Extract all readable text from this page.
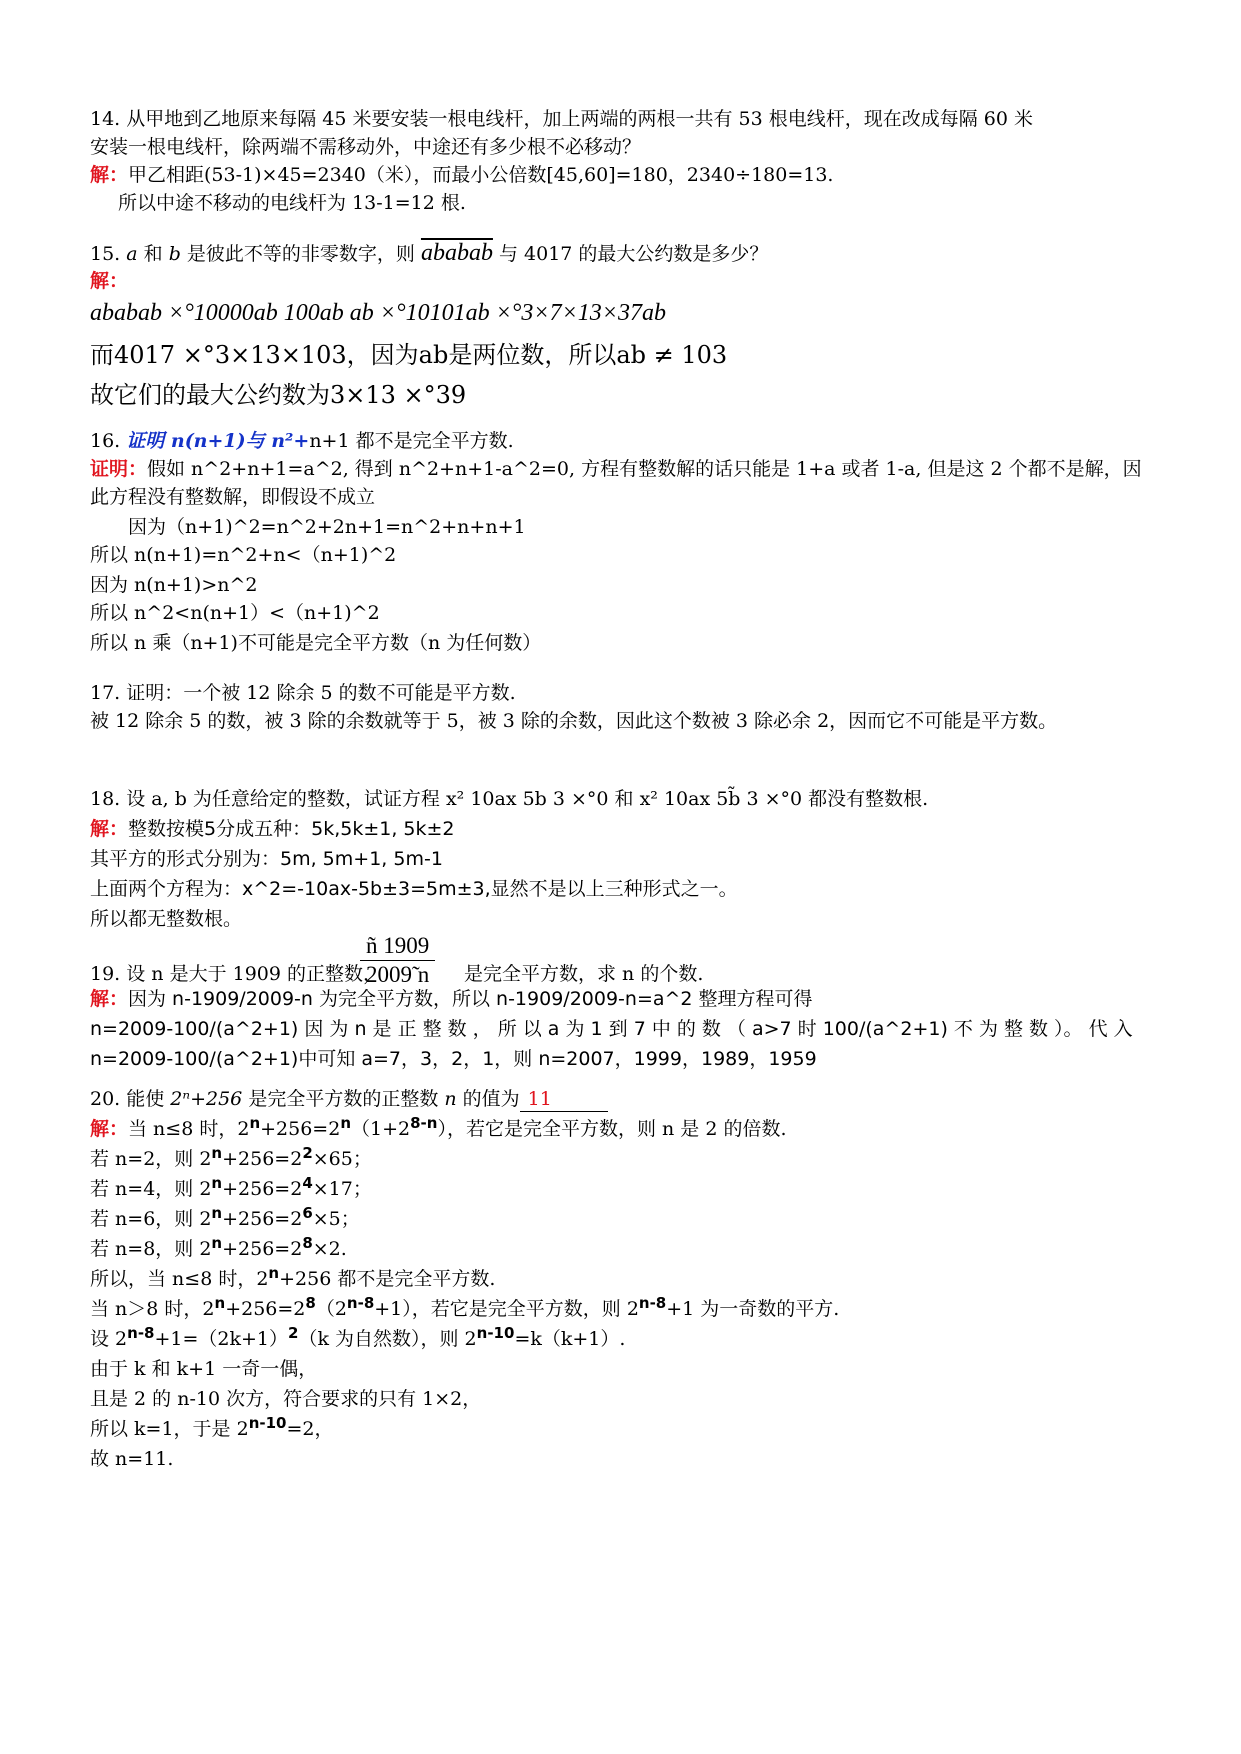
14. 从甲地到乙地原来每隔 45 米要安装一根电线杆，加上两端的两根一共有 53 根电线杆，现在改成每隔 60 米
安装一根电线杆，除两端不需移动外，中途还有多少根不必移动？
解：甲乙相距(53-1)×45=2340（米），而最小公倍数[45,60]=180，2340÷180=13.
所以中途不移动的电线杆为 13-1=12 根.
15. a 和 b 是彼此不等的非零数字，则 ababab 与 4017 的最大公约数是多少？
解：
ababab ×°10000ab 100ab ab ×°10101ab ×°3×7×13×37ab
而4017 ×°3×13×103，因为ab是两位数，所以ab ≠ 103
故它们的最大公约数为3×13 ×°39
16. 证明 n(n+1)与 n²+n+1 都不是完全平方数.
证明：假如 n^2+n+1=a^2, 得到 n^2+n+1-a^2=0, 方程有整数解的话只能是 1+a 或者 1-a, 但是这 2 个都不是解，因
此方程没有整数解，即假设不成立
因为（n+1)^2=n^2+2n+1=n^2+n+n+1
所以 n(n+1)=n^2+n<（n+1)^2
因为 n(n+1)>n^2
所以 n^2<n(n+1）<（n+1)^2
所以 n 乘（n+1)不可能是完全平方数（n 为任何数）
17. 证明：一个被 12 除余 5 的数不可能是平方数.
被 12 除余 5 的数，被 3 除的余数就等于 5，被 3 除的余数，因此这个数被 3 除必余 2，因而它不可能是平方数。
18. 设 a, b 为任意给定的整数，试证方程 x² 10ax 5b 3 ×°0 和 x² 10ax 5b̃ 3 ×°0 都没有整数根.
解：整数按模5分成五种：5k,5k±1, 5k±2
其平方的形式分别为：5m, 5m+1, 5m-1
上面两个方程为：x^2=-10ax-5b±3=5m±3,显然不是以上三种形式之一。
所以都无整数根。
19. 设 n 是大于 1909 的正整数，	是完全平方数，求 n 的个数.
$\frac{ñ 1909}{2009̃ n}$
解：因为 n-1909/2009-n 为完全平方数，所以 n-1909/2009-n=a^2 整理方程可得
n=2009-100/(a^2+1) 因 为 n 是 正 整 数 ， 所 以 a 为 1 到 7 中 的 数 （ a>7 时 100/(a^2+1) 不 为 整 数 ）。 代 入
n=2009-100/(a^2+1)中可知 a=7，3，2，1，则 n=2007，1999，1989，1959
20. 能使 2ⁿ+256 是完全平方数的正整数 n 的值为 11
解：当 n≤8 时，$2^n+256=2^n(1+2^{8-n})$，若它是完全平方数，则 n 是 2 的倍数.
若 n=2，则 $2^n+256=2^2\times 65$；
若 n=4，则 $2^n+256=2^4\times 17$；
若 n=6，则 $2^n+256=2^6\times 5$；
若 n=8，则 $2^n+256=2^8\times 2$.
所以，当 n≤8 时，$2^n+256$ 都不是完全平方数.
当 n＞8 时，$2^n+256=2^8(2^{n-8}+1)$，若它是完全平方数，则 $2^{n-8}+1$ 为一奇数的平方.
设 $2^{n-8}+1=(2k+1)^2(k$ 为自然数），则 $2^{n-10}=k(k+1)$.
由于 k 和 k+1 一奇一偶，
且是 2 的 n-10 次方，符合要求的只有 1×2，
所以 k=1，于是 $2^{n-10}=2$，
故 n=11.
